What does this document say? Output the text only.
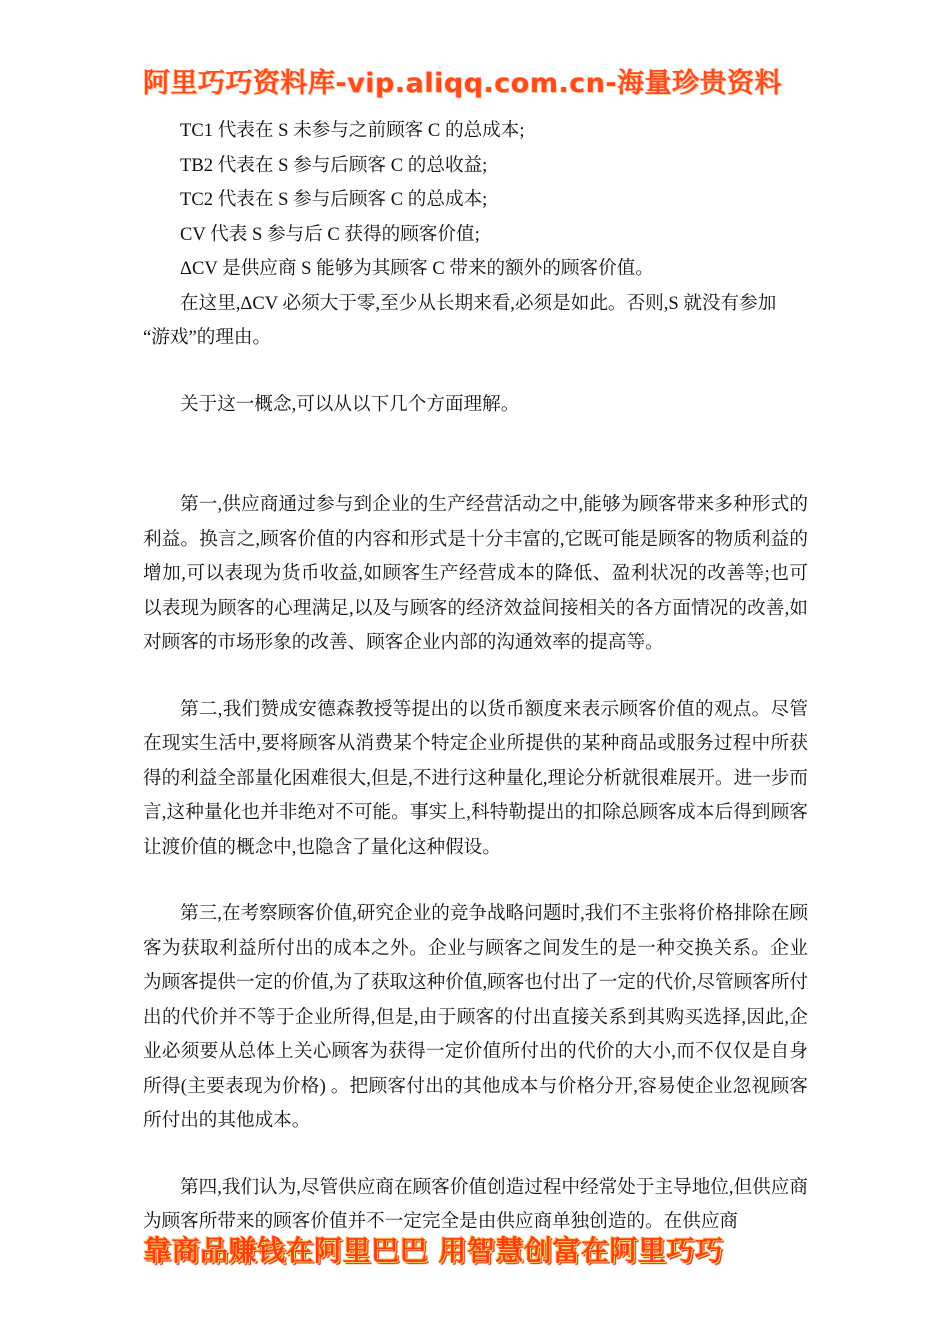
阿里巧巧资料库-vip.aliqq.com.cn-海量珍贵资料
TC1 代表在 S 未参与之前顾客 C 的总成本;
TB2 代表在 S 参与后顾客 C 的总收益;
TC2 代表在 S 参与后顾客 C 的总成本;
CV 代表 S 参与后 C 获得的顾客价值;
ΔCV 是供应商 S 能够为其顾客 C 带来的额外的顾客价值。
在这里,ΔCV 必须大于零,至少从长期来看,必须是如此。否则,S 就没有参加
“游戏”的理由。
关于这一概念,可以从以下几个方面理解。

第一,供应商通过参与到企业的生产经营活动之中,能够为顾客带来多种形式的利益。换言之,顾客价值的内容和形式是十分丰富的,它既可能是顾客的物质利益的增加,可以表现为货币收益,如顾客生产经营成本的降低、盈利状况的改善等;也可以表现为顾客的心理满足,以及与顾客的经济效益间接相关的各方面情况的改善,如对顾客的市场形象的改善、顾客企业内部的沟通效率的提高等。

第二,我们赞成安德森教授等提出的以货币额度来表示顾客价值的观点。尽管在现实生活中,要将顾客从消费某个特定企业所提供的某种商品或服务过程中所获得的利益全部量化困难很大,但是,不进行这种量化,理论分析就很难展开。进一步而言,这种量化也并非绝对不可能。事实上,科特勒提出的扣除总顾客成本后得到顾客让渡价值的概念中,也隐含了量化这种假设。

第三,在考察顾客价值,研究企业的竞争战略问题时,我们不主张将价格排除在顾客为获取利益所付出的成本之外。企业与顾客之间发生的是一种交换关系。企业为顾客提供一定的价值,为了获取这种价值,顾客也付出了一定的代价,尽管顾客所付出的代价并不等于企业所得,但是,由于顾客的付出直接关系到其购买选择,因此,企业必须要从总体上关心顾客为获得一定价值所付出的代价的大小,而不仅仅是自身所得(主要表现为价格) 。把顾客付出的其他成本与价格分开,容易使企业忽视顾客所付出的其他成本。

第四,我们认为,尽管供应商在顾客价值创造过程中经常处于主导地位,但供应商为顾客所带来的顾客价值并不一定完全是由供应商单独创造的。在供应商

靠商品赚钱在阿里巴巴 用智慧创富在阿里巧巧
